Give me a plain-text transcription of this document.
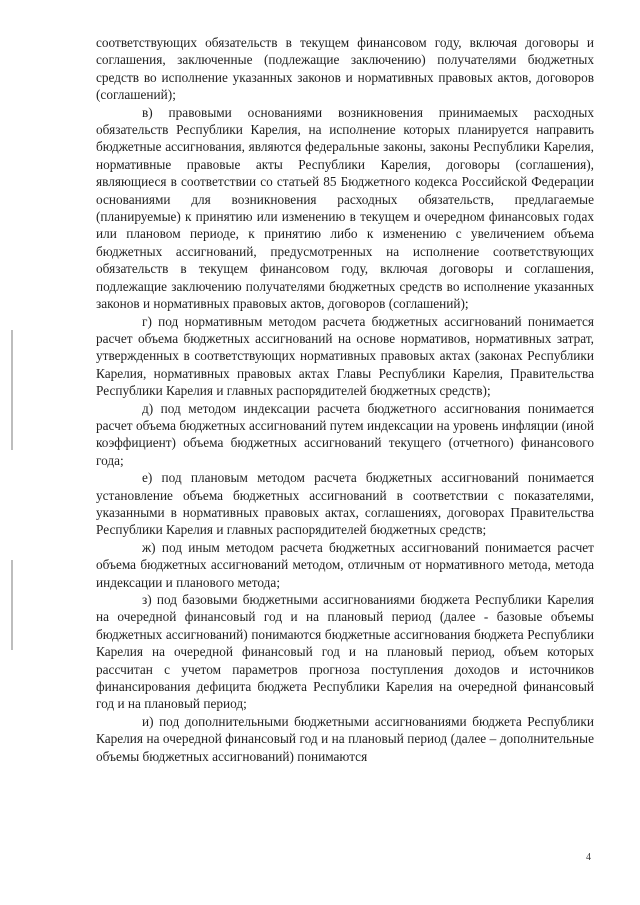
соответствующих обязательств в текущем финансовом году, включая договоры и соглашения, заключенные (подлежащие заключению) получателями бюджетных средств во исполнение указанных законов и нормативных правовых актов, договоров (соглашений);

в) правовыми основаниями возникновения принимаемых расходных обязательств Республики Карелия, на исполнение которых планируется направить бюджетные ассигнования, являются федеральные законы, законы Республики Карелия, нормативные правовые акты Республики Карелия, договоры (соглашения), являющиеся в соответствии со статьей 85 Бюджетного кодекса Российской Федерации основаниями для возникновения расходных обязательств, предлагаемые (планируемые) к принятию или изменению в текущем и очередном финансовых годах или плановом периоде, к принятию либо к изменению с увеличением объема бюджетных ассигнований, предусмотренных на исполнение соответствующих обязательств в текущем финансовом году, включая договоры и соглашения, подлежащие заключению получателями бюджетных средств во исполнение указанных законов и нормативных правовых актов, договоров (соглашений);

г) под нормативным методом расчета бюджетных ассигнований понимается расчет объема бюджетных ассигнований на основе нормативов, нормативных затрат, утвержденных в соответствующих нормативных правовых актах (законах Республики Карелия, нормативных правовых актах Главы Республики Карелия, Правительства Республики Карелия и главных распорядителей бюджетных средств);

д) под методом индексации расчета бюджетного ассигнования понимается расчет объема бюджетных ассигнований путем индексации на уровень инфляции (иной коэффициент) объема бюджетных ассигнований текущего (отчетного) финансового года;

е) под плановым методом расчета бюджетных ассигнований понимается установление объема бюджетных ассигнований в соответствии с показателями, указанными в нормативных правовых актах, соглашениях, договорах Правительства Республики Карелия и главных распорядителей бюджетных средств;

ж) под иным методом расчета бюджетных ассигнований понимается расчет объема бюджетных ассигнований методом, отличным от нормативного метода, метода индексации и планового метода;

з) под базовыми бюджетными ассигнованиями бюджета Республики Карелия на очередной финансовый год и на плановый период (далее - базовые объемы бюджетных ассигнований) понимаются бюджетные ассигнования бюджета Республики Карелия на очередной финансовый год и на плановый период, объем которых рассчитан с учетом параметров прогноза поступления доходов и источников финансирования дефицита бюджета Республики Карелия на очередной финансовый год и на плановый период;

и) под дополнительными бюджетными ассигнованиями бюджета Республики Карелия на очередной финансовый год и на плановый период (далее – дополнительные объемы бюджетных ассигнований) понимаются

4
